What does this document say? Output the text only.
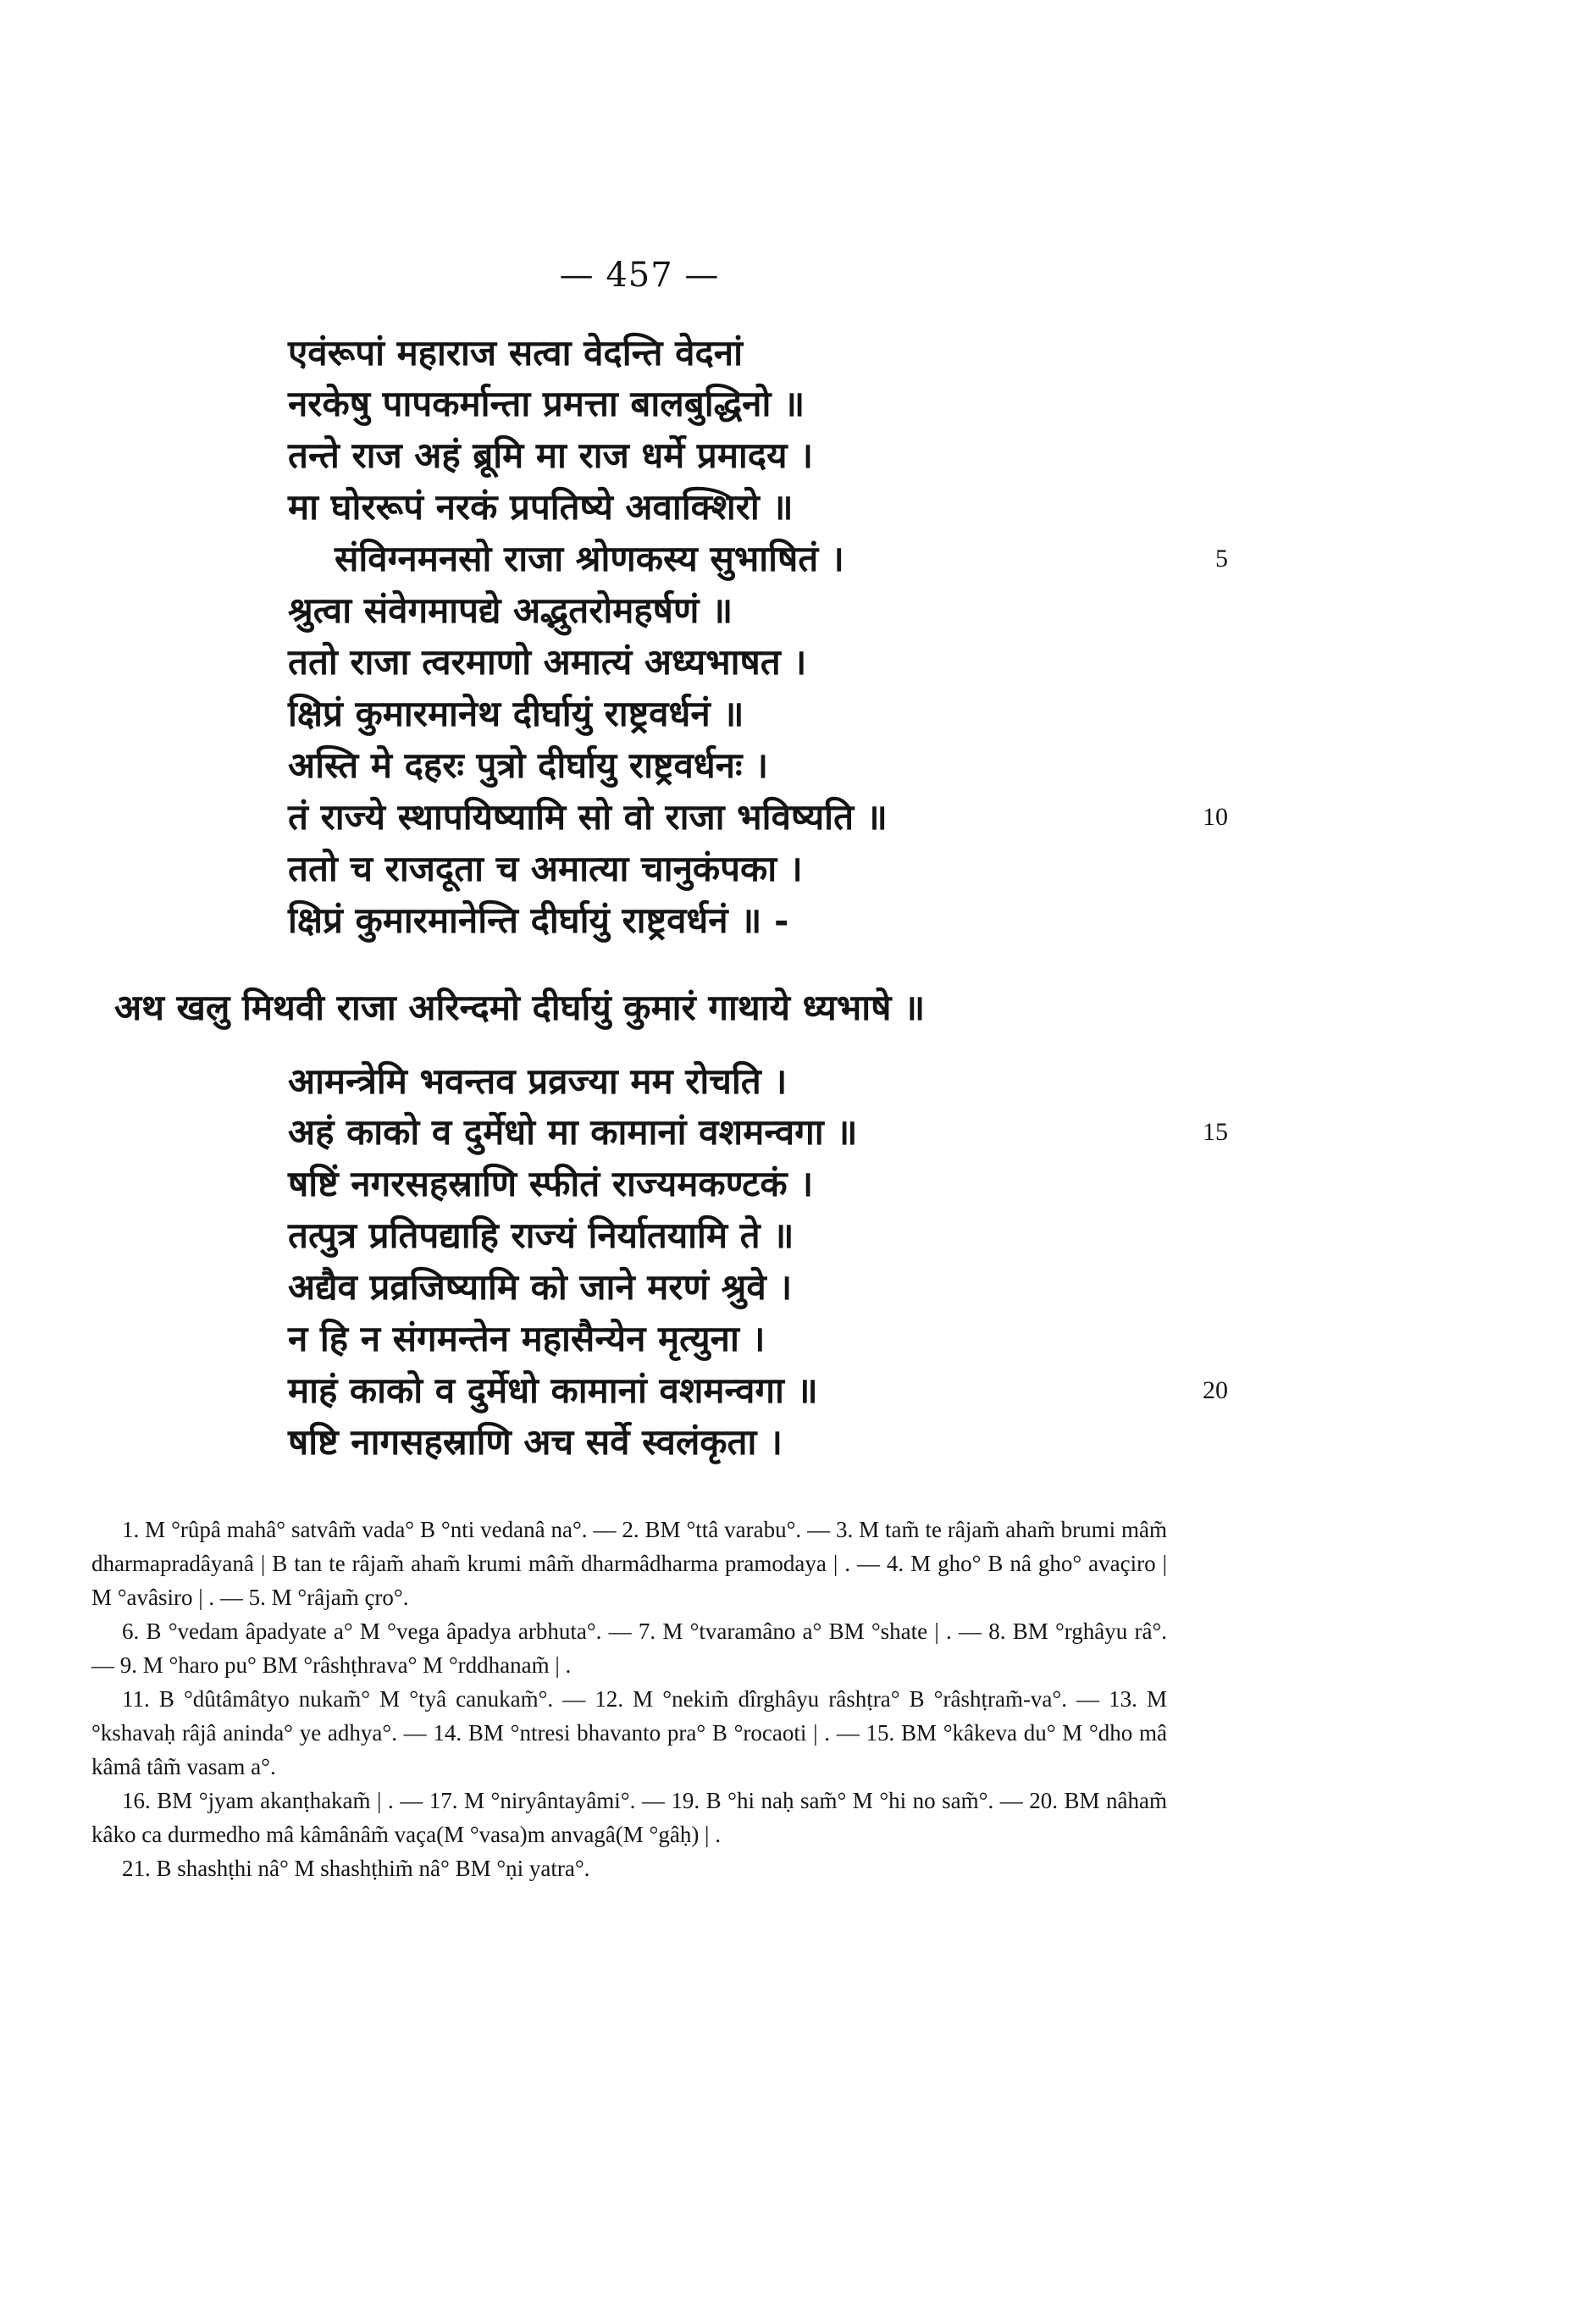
— 457 —
एवंरूपां महाराज सत्वा वेदन्ति वेदनां
नरकेषु पापकर्मान्ता प्रमत्ता बालबुद्धिनो ॥
तन्ते राज अहं ब्रूमि मा राज धर्मे प्रमादय ।
मा घोररूपं नरकं प्रपतिष्ये अवाक्शिरो ॥
संविग्नमनसो राजा श्रोणकस्य सुभाषितं ।
श्रुत्वा संवेगमापद्ये अद्भुतरोमहर्षणं ॥
ततो राजा त्वरमाणो अमात्यं अध्यभाषत ।
क्षिप्रं कुमारमानेथ दीर्घायुं राष्ट्रवर्धनं ॥
अस्ति मे दहरः पुत्रो दीर्घायु राष्ट्रवर्धनः ।
तं राज्ये स्थापयिष्यामि सो वो राजा भविष्यति ॥
ततो च राजदूता च अमात्या चानुकंपका ।
क्षिप्रं कुमारमानेन्ति दीर्घायुं राष्ट्रवर्धनं ॥ -
5
10
अथ खलु मिथवी राजा अरिन्दमो दीर्घायुं कुमारं गाथाये ध्यभाषे ॥
आमन्त्रेमि भवन्तव प्रव्रज्या मम रोचति ।
अहं काको व दुर्मेधो मा कामानां वशमन्वगा ॥
षष्टिं नगरसहस्राणि स्फीतं राज्यमकण्टकं ।
तत्पुत्र प्रतिपद्याहि राज्यं निर्यातयामि ते ॥
अद्यैव प्रव्रजिष्यामि को जाने मरणं श्रुवे ।
न हि न संगमन्तेन महासैन्येन मृत्युना ।
माहं काको व दुर्मेधो कामानां वशमन्वगा ॥
षष्टि नागसहस्राणि अच सर्वे स्वलंकृता ।
15
20

1. M °rûpâ mahâ° satvâm̃ vada° B °nti vedanâ na°. — 2. BM °ttâ varabu°. — 3. M tam̃ te râjam̃ aham̃ brumi mâm̃ dharmapradâyanâ | B tan te râjam̃ aham̃ krumi mâm̃ dharmâdharma pramodaya | . — 4. M gho° B nâ gho° avaçiro | M °avâsiro | . — 5. M °râjam̃ çro°.

6. B °vedam âpadyate a° M °vega âpadya arbhuta°. — 7. M °tvaramâno a° BM °shate | . — 8. BM °rghâyu râ°. — 9. M °haro pu° BM °râshṭhrava° M °rddhanam̃ | .

11. B °dûtâmâtyo nukam̃° M °tyâ canukam̃°. — 12. M °nekim̃ dîrghâyu râshṭra° B °râshṭram̃-va°. — 13. M °kshavaḥ râjâ aninda° ye adhya°. — 14. BM °ntresi bhavanto pra° B °rocaoti | . — 15. BM °kâkeva du° M °dho mâ kâmâ tâm̃ vasam a°.

16. BM °jyam akanṭhakam̃ | . — 17. M °niryântayâmi°. — 19. B °hi naḥ sam̃° M °hi no sam̃°. — 20. BM nâham̃ kâko ca durmedho mâ kâmânâm̃ vaça(M °vasa)m anvagâ(M °gâḥ) | .

21. B shashṭhi nâ° M shashṭhim̃ nâ° BM °ṇi yatra°.
